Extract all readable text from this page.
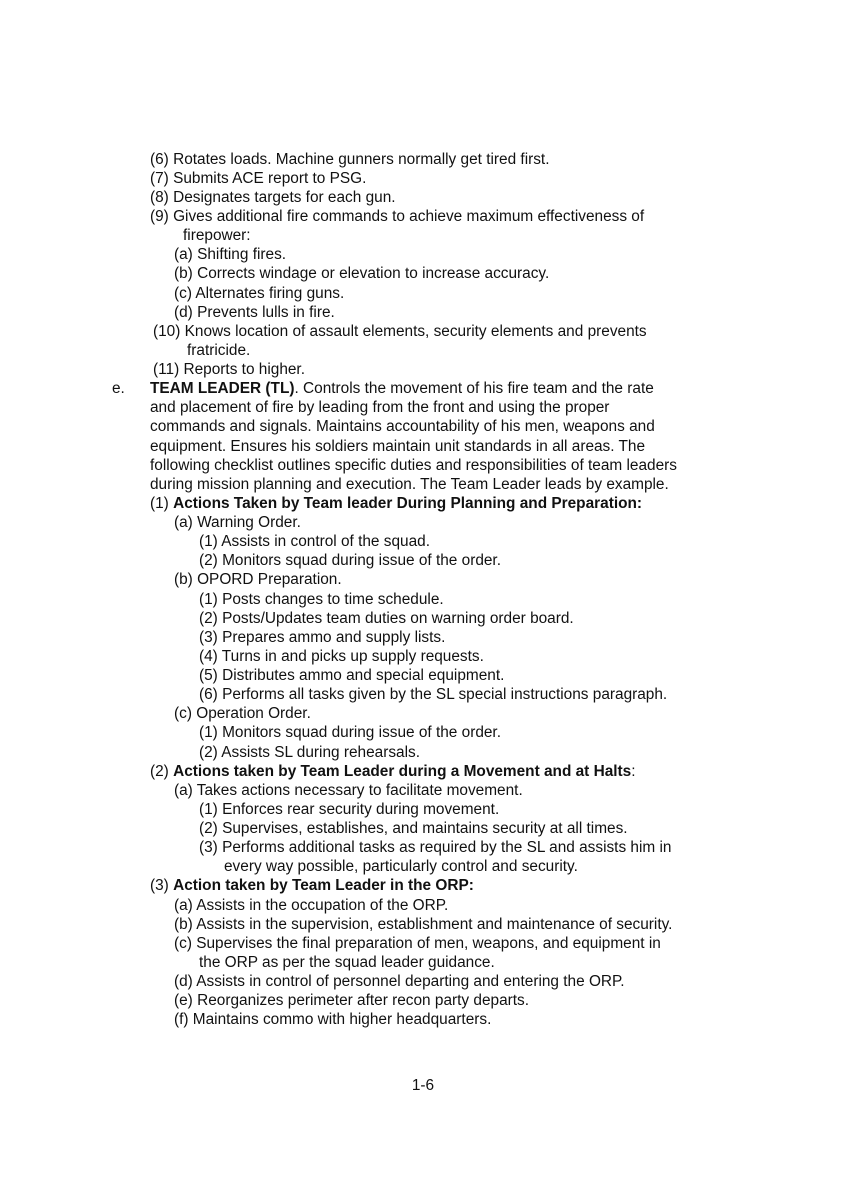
(6) Rotates loads. Machine gunners normally get tired first.
(7) Submits ACE report to PSG.
(8) Designates targets for each gun.
(9) Gives additional fire commands to achieve maximum effectiveness of
firepower:
(a) Shifting fires.
(b) Corrects windage or elevation to increase accuracy.
(c) Alternates firing guns.
(d) Prevents lulls in fire.
(10) Knows location of assault elements, security elements and prevents
fratricide.
(11) Reports to higher.
e. TEAM LEADER (TL). Controls the movement of his fire team and the rate
and placement of fire by leading from the front and using the proper
commands and signals. Maintains accountability of his men, weapons and
equipment. Ensures his soldiers maintain unit standards in all areas. The
following checklist outlines specific duties and responsibilities of team leaders
during mission planning and execution. The Team Leader leads by example.
(1) Actions Taken by Team leader During Planning and Preparation:
(a) Warning Order.
(1) Assists in control of the squad.
(2) Monitors squad during issue of the order.
(b) OPORD Preparation.
(1) Posts changes to time schedule.
(2) Posts/Updates team duties on warning order board.
(3) Prepares ammo and supply lists.
(4) Turns in and picks up supply requests.
(5) Distributes ammo and special equipment.
(6) Performs all tasks given by the SL special instructions paragraph.
(c) Operation Order.
(1) Monitors squad during issue of the order.
(2) Assists SL during rehearsals.
(2) Actions taken by Team Leader during a Movement and at Halts:
(a) Takes actions necessary to facilitate movement.
(1) Enforces rear security during movement.
(2) Supervises, establishes, and maintains security at all times.
(3) Performs additional tasks as required by the SL and assists him in
every way possible, particularly control and security.
(3) Action taken by Team Leader in the ORP:
(a) Assists in the occupation of the ORP.
(b) Assists in the supervision, establishment and maintenance of security.
(c) Supervises the final preparation of men, weapons, and equipment in
the ORP as per the squad leader guidance.
(d) Assists in control of personnel departing and entering the ORP.
(e) Reorganizes perimeter after recon party departs.
(f) Maintains commo with higher headquarters.
1-6
